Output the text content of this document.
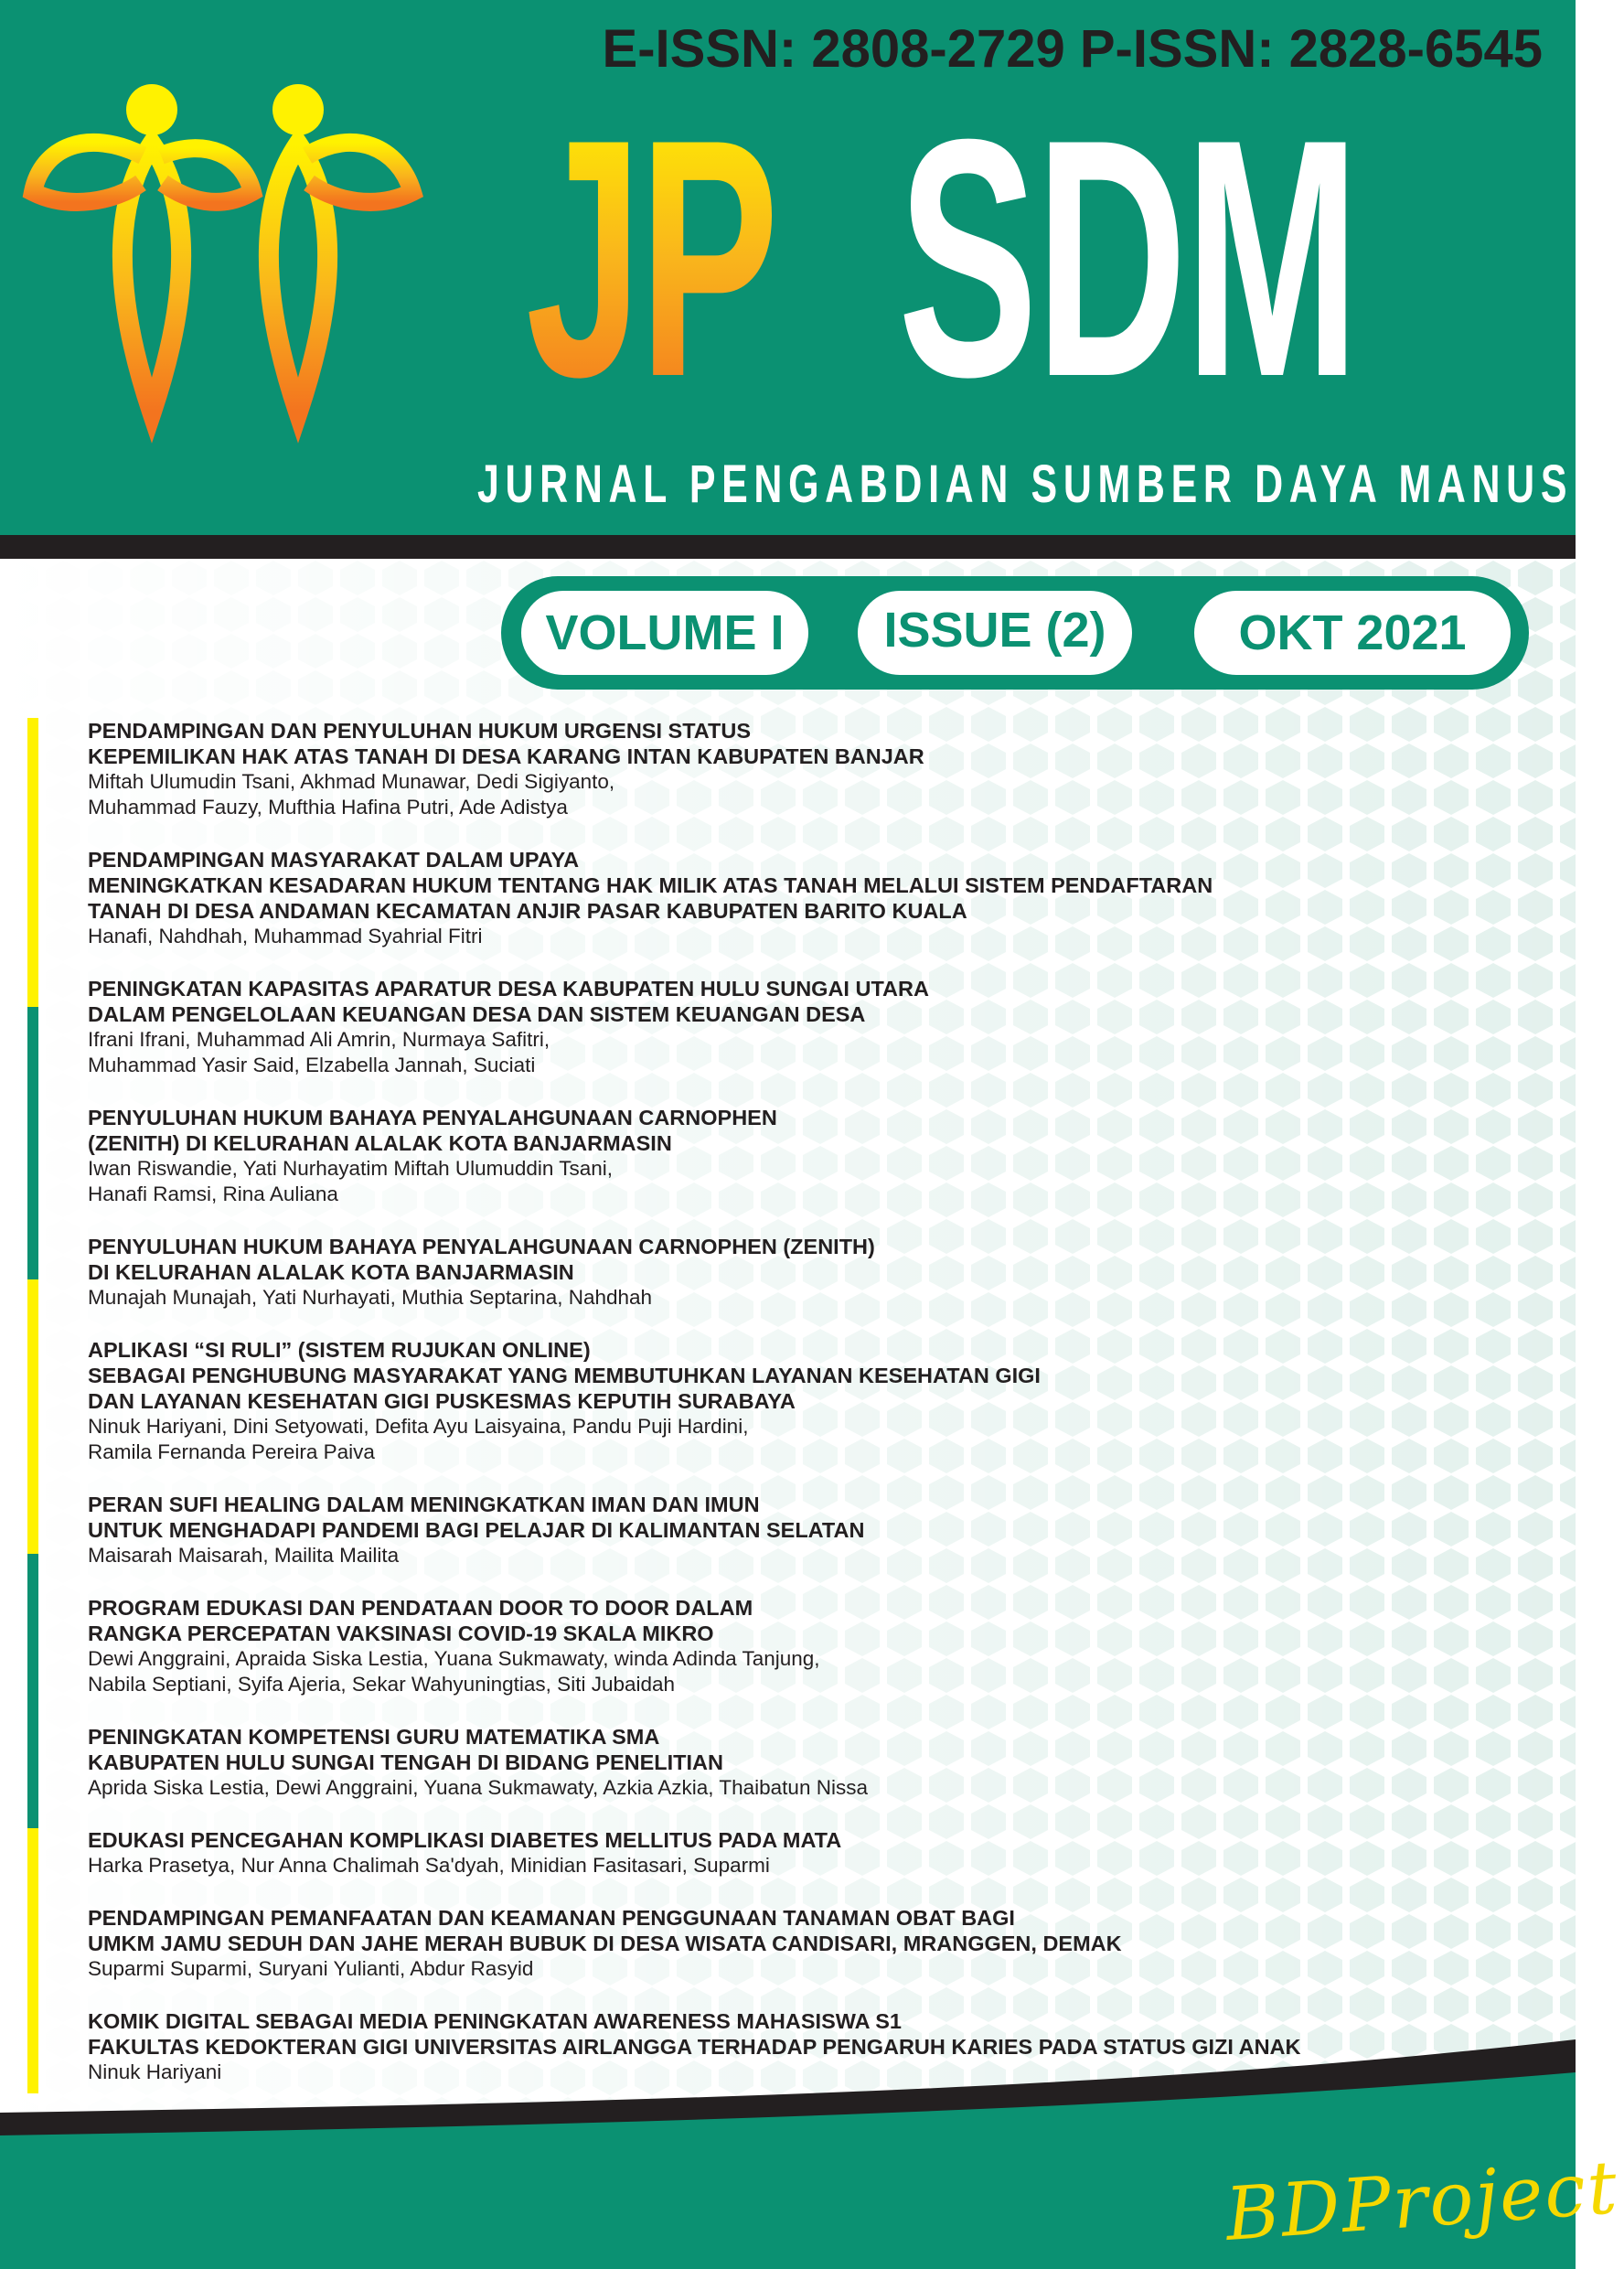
E-ISSN: 2808-2729 P-ISSN: 2828-6545
JP SDM
JURNAL PENGABDIAN SUMBER DAYA MANUSIA
VOLUME I	ISSUE (2)	OKT 2021
PENDAMPINGAN DAN PENYULUHAN HUKUM URGENSI STATUS
KEPEMILIKAN HAK ATAS TANAH DI DESA KARANG INTAN KABUPATEN BANJAR
Miftah Ulumudin Tsani, Akhmad Munawar, Dedi Sigiyanto,
Muhammad Fauzy, Mufthia Hafina Putri, Ade Adistya
PENDAMPINGAN MASYARAKAT DALAM UPAYA
MENINGKATKAN KESADARAN HUKUM TENTANG HAK MILIK ATAS TANAH MELALUI SISTEM PENDAFTARAN
TANAH DI DESA ANDAMAN KECAMATAN ANJIR PASAR KABUPATEN BARITO KUALA
Hanafi, Nahdhah, Muhammad Syahrial Fitri
PENINGKATAN KAPASITAS APARATUR DESA KABUPATEN HULU SUNGAI UTARA
DALAM PENGELOLAAN KEUANGAN DESA DAN SISTEM KEUANGAN DESA
Ifrani Ifrani, Muhammad Ali Amrin, Nurmaya Safitri,
Muhammad Yasir Said, Elzabella Jannah, Suciati
PENYULUHAN HUKUM BAHAYA PENYALAHGUNAAN CARNOPHEN
(ZENITH) DI KELURAHAN ALALAK KOTA BANJARMASIN
Iwan Riswandie, Yati Nurhayatim Miftah Ulumuddin Tsani,
Hanafi Ramsi, Rina Auliana
PENYULUHAN HUKUM BAHAYA PENYALAHGUNAAN CARNOPHEN (ZENITH)
DI KELURAHAN ALALAK KOTA BANJARMASIN
Munajah Munajah, Yati Nurhayati, Muthia Septarina, Nahdhah
APLIKASI “SI RULI” (SISTEM RUJUKAN ONLINE)
SEBAGAI PENGHUBUNG MASYARAKAT YANG MEMBUTUHKAN LAYANAN KESEHATAN GIGI
DAN LAYANAN KESEHATAN GIGI PUSKESMAS KEPUTIH SURABAYA
Ninuk Hariyani, Dini Setyowati, Defita Ayu Laisyaina, Pandu Puji Hardini,
Ramila Fernanda Pereira Paiva
PERAN SUFI HEALING DALAM MENINGKATKAN IMAN DAN IMUN
UNTUK MENGHADAPI PANDEMI BAGI PELAJAR DI KALIMANTAN SELATAN
Maisarah Maisarah, Mailita Mailita
PROGRAM EDUKASI DAN PENDATAAN DOOR TO DOOR DALAM
RANGKA PERCEPATAN VAKSINASI COVID-19 SKALA MIKRO
Dewi Anggraini, Apraida Siska Lestia, Yuana Sukmawaty, winda Adinda Tanjung,
Nabila Septiani, Syifa Ajeria, Sekar Wahyuningtias, Siti Jubaidah
PENINGKATAN KOMPETENSI GURU MATEMATIKA SMA
KABUPATEN HULU SUNGAI TENGAH DI BIDANG PENELITIAN
Aprida Siska Lestia, Dewi Anggraini, Yuana Sukmawaty, Azkia Azkia, Thaibatun Nissa
EDUKASI PENCEGAHAN KOMPLIKASI DIABETES MELLITUS PADA MATA
Harka Prasetya, Nur Anna Chalimah Sa'dyah, Minidian Fasitasari, Suparmi
PENDAMPINGAN PEMANFAATAN DAN KEAMANAN PENGGUNAAN TANAMAN OBAT BAGI
UMKM JAMU SEDUH DAN JAHE MERAH BUBUK DI DESA WISATA CANDISARI, MRANGGEN, DEMAK
Suparmi Suparmi, Suryani Yulianti, Abdur Rasyid
KOMIK DIGITAL SEBAGAI MEDIA PENINGKATAN AWARENESS MAHASISWA S1
FAKULTAS KEDOKTERAN GIGI UNIVERSITAS AIRLANGGA TERHADAP PENGARUH KARIES PADA STATUS GIZI ANAK
Ninuk Hariyani
BDProject
